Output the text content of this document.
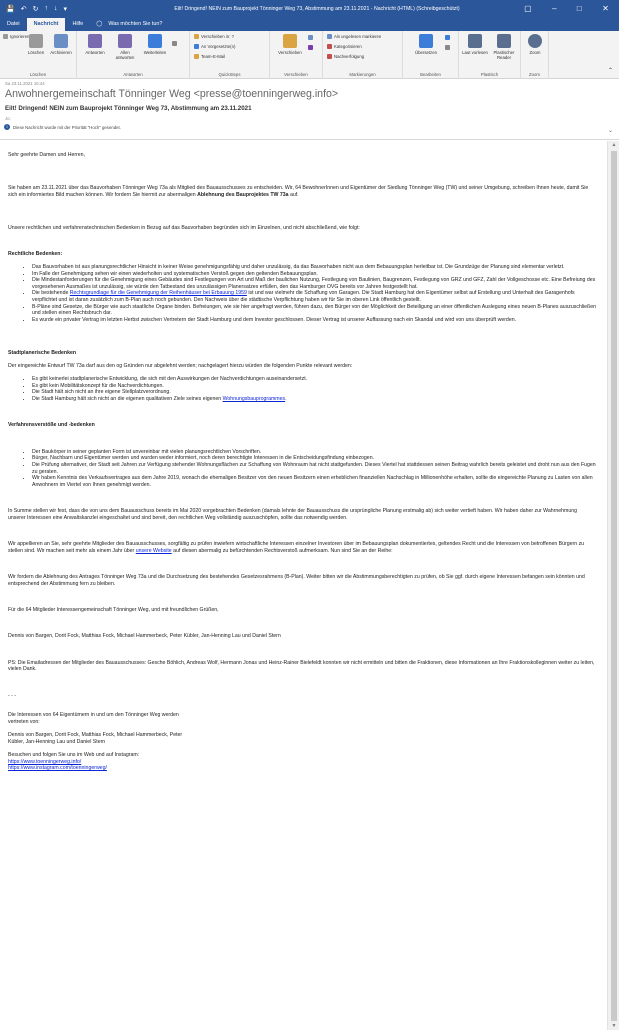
💾 ↶ ↻ ↑ ↓ ▾	Eilt! Dringend! NEIN zum Bauprojekt Tönninger Weg 73, Abstimmung am 23.11.2021 - Nachricht (HTML) (Schreibgeschützt)	▢	–	□	✕
Datei	Nachricht	Hilfe	◯ Was möchten Sie tun?
Ignorieren
Löschen	Archivieren
Löschen
Antworten	Allen antworten
Weiterleiten
Antworten
Verschieben in: ?
An Vorgesetzte(n)
Team-E-Mail
QuickSteps
Verschieben
Verschieben
Als ungelesen markieren
Kategorisieren
Nachverfolgung
Markierungen
Übersetzen
Bearbeiten
Laut vorlesen	Plastischer Reader
Plastisch
Zoom
Zoom
⌃
Sa 23.11.2021 16:44
Anwohnergemeinschaft Tönninger Weg <presse@toenningerweg.info>
Eilt! Dringend! NEIN zum Bauprojekt Tönninger Weg 73, Abstimmung am 23.11.2021
Jo:
i	Diese Nachricht wurde mit der Priorität "Hoch" gesendet.
⌄

Sehr geehrte Damen und Herren,

Sie haben am 23.11.2021 über das Bauvorhaben Tönninger Weg 73a als Mitglied des Bauausschusses zu entscheiden. Wir, 64 BewohnerInnen und Eigentümer der Siedlung Tönninger Weg (TW) und seiner Umgebung, schreiben Ihnen heute, damit Sie sich ein informiertes Bild machen können. Wir fordern Sie hiermit zur abermaligen Ablehnung des Bauprojektes TW 73a auf.

Unsere rechtlichen und verfahrenstechnischen Bedenken in Bezug auf das Bauvorhaben begründen sich im Einzelnen, und nicht abschließend, wie folgt:

Rechtliche Bedenken:

• Das Bauvorhaben ist aus planungsrechtlicher Hinsicht in keiner Weise genehmigungsfähig und daher unzulässig, da das Bauvorhaben nicht aus dem Bebauungsplan herleitbar ist. Die Grundzüge der Planung sind elementar verletzt.
• Im Falle der Genehmigung sehen wir einen wiederholten und systematischen Verstoß gegen den geltenden Bebauungsplan.
• Die Mindestanforderungen für die Genehmigung eines Gebäudes sind Festlegungen von Art und Maß der baulichen Nutzung, Festlegung von Baulinien, Baugrenzen, Festlegung von GRZ und GFZ, Zahl der Vollgeschosse etc. Eine Befreiung des vorgesehenen Ausmaßes ist unzulässig, sie würde den Tatbestand des unzulässigen Planersatzes erfüllen, den das Hamburger OVG bereits vor Jahren festgestellt hat.
• Die bestehende Rechtsgrundlage für die Genehmigung der Reihenhäuser bei Erbauung 1959 ist und war vielmehr die Schaffung von Garagen. Die Stadt Hamburg hat den Eigentümer selbst auf Erstellung und Unterhalt des Garagenhofs verpflichtet und ist daran zusätzlich zum B-Plan auch noch gebunden. Den Nachweis über die städtische Verpflichtung haben wir für Sie im oberen Link öffentlich gestellt.
• B-Pläne sind Gesetze, die Bürger wie auch staatliche Organe binden. Befreiungen, wie sie hier angefragt werden, führen dazu, den Bürger von der Möglichkeit der Beteiligung an einer öffentlichen Auslegung eines neuen B-Planes auszuschließen und stellen einen Rechtsbruch dar.
• Es wurde ein privater Vertrag im letzten Herbst zwischen Vertretern der Stadt Hamburg und dem Investor geschlossen. Dieser Vertrag ist unserer Auffassung nach ein Skandal und wird von uns überprüft werden.

Stadtplanerische Bedenken

Der eingereichte Entwurf TW 73a darf aus den og Gründen nur abgelehnt werden; nachgelagert hierzu würden die folgenden Punkte relevant werden:

• Es gibt keinerlei stadtplanerische Entwicklung, die sich mit den Auswirkungen der Nachverdichtungen auseinandersetzt.
• Es gibt kein Mobilitätskonzept für die Nachverdichtungen.
• Die Stadt hält sich nicht an ihre eigene Stellplatzverordnung.
• Die Stadt Hamburg hält sich nicht an die eigenen qualitativen Ziele seines eigenen Wohnungsbauprogrammes.

Verfahrensverstöße und -bedenken

• Der Baukörper in seiner geplanten Form ist unvereinbar mit vielen planungsrechtlichen Vorschriften.
• Bürger, Nachbarn und Eigentümer werden und wurden weder informiert, noch deren berechtigte Interessen in die Entscheidungsfindung einbezogen.
• Die Prüfung alternativer, der Stadt seit Jahren zur Verfügung stehender Wohnungsflächen zur Schaffung von Wohnraum hat nicht stattgefunden. Dieses Viertel hat stattdessen seinen Beitrag wahrlich bereits geleistet und droht nun aus den Fugen zu geraten.
• Wir haben Kenntnis des Verkaufsvertrages aus dem Jahre 2019, wonach die ehemaligen Besitzer von den neuen Besitzern einen erheblichen finanziellen Nachschlag in Millionenhöhe erhalten, sollte die eingereichte Planung zu Lasten von allen Anwohnern im Viertel von Ihnen genehmigt werden.

In Summe stellen wir fest, dass die von uns dem Bauausschuss bereits im Mai 2020 vorgebrachten Bedenken (damals lehnte der Bauausschuss die ursprüngliche Planung erstmalig ab) sich weiter vertieft haben. Wir haben daher zur Wahrnehmung unserer Interessen eine Anwaltskanzlei eingeschaltet und sind bereit, den rechtlichen Weg vollständig auszuschöpfen, sollte das notwendig werden.

Wir appellieren an Sie, sehr geehrte Mitglieder des Bauausschusses, sorgfältig zu prüfen inwiefern wirtschaftliche Interessen einzelner Investoren über im Bebauungsplan dokumentiertes, geltendes Recht und die Interessen von betroffenen Bürgern zu stellen sind. Wir machen seit mehr als einem Jahr über unsere Website auf diesen abermalig zu befürchtenden Rechtsverstoß aufmerksam. Nun sind Sie an der Reihe:

Wir fordern die Ablehnung des Antrages Tönninger Weg 73a und die Durchsetzung des bestehendes Gesetzesrahmens (B-Plan). Weiter bitten wir die Abstimmungsberechtigten zu prüfen, ob Sie ggf. durch eigene Interessen befangen sein könnten und entsprechend der Abstimmung fern zu bleiben.

Für die 64 Mitglieder Interessengemeinschaft Tönninger Weg, und mit freundlichen Grüßen,

Dennis von Bargen, Dorit Fock, Matthias Fock, Michael Hammerbeck, Peter Kübler, Jan-Henning Lau und Daniel Stern

PS: Die Emailadressen der Mitglieder des Bauausschusses: Gesche Böhlich, Andreas Wolf, Hermann Jonas und Heinz-Rainer Bielefeldt konnten wir nicht ermitteln und bitten die Fraktionen, diese Informationen an Ihre Fraktionskolleginnen weiter zu leiten, vielen Dank.

- - -

Die Interessen von 64 Eigentümern in und um den Tönninger Weg werden

vertreten von:

Dennis von Bargen, Dorit Fock, Matthias Fock, Michael Hammerbeck, Peter

Kübler, Jan-Henning Lau und Daniel Stern

Besuchen und folgen Sie uns im Web und auf Instagram:

https://www.toenningerweg.info/

https://www.instagram.com/toenningerweg/

▲
▼
